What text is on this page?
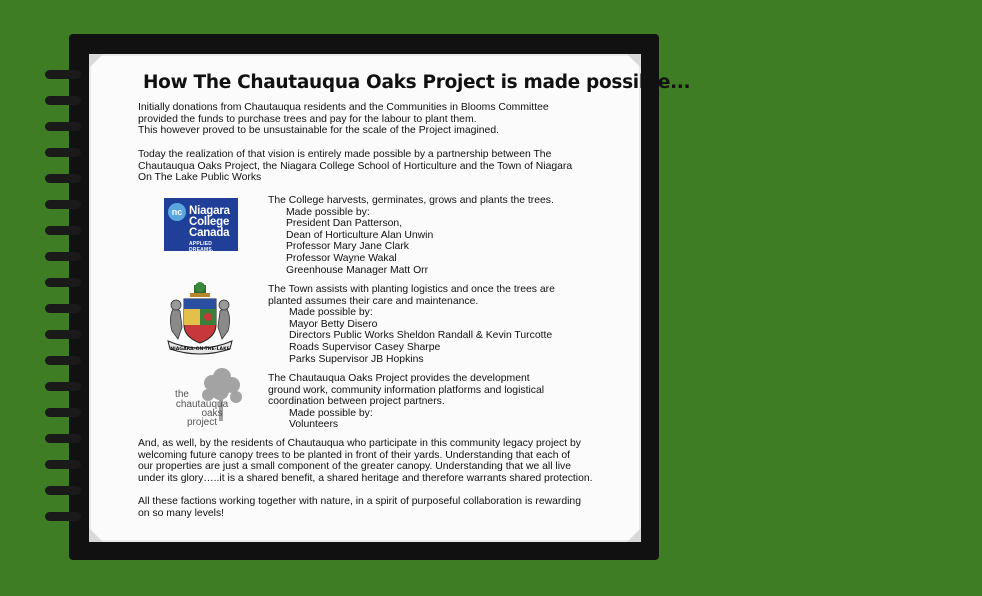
How The Chautauqua Oaks Project is made possible...
Initially donations from Chautauqua residents and the Communities in Blooms Committee
provided the funds to purchase trees and pay for the labour to plant them.
This however proved to be unsustainable for the scale of the Project imagined.
Today the realization of that vision is entirely made possible by a partnership between The
Chautauqua Oaks Project, the Niagara College School of Horticulture and the Town of Niagara
On The Lake Public Works
nc Niagara
College
Canada
APPLIED DREAMS.
The College harvests, germinates, grows and plants the trees.
Made possible by:
President Dan Patterson,
Dean of Horticulture Alan Unwin
Professor Mary Jane Clark
Professor Wayne Wakal
Greenhouse Manager Matt Orr
NIAGARA-ON-THE-LAKE
The Town assists with planting logistics and once the trees are
planted assumes their care and maintenance.
Made possible by:
Mayor Betty Disero
Directors Public Works Sheldon Randall & Kevin Turcotte
Roads Supervisor Casey Sharpe
Parks Supervisor JB Hopkins
the
chautauqua
oaks
project
The Chautauqua Oaks Project provides the development
ground work, community information platforms and logistical
coordination between project partners.
Made possible by:
Volunteers
And, as well, by the residents of Chautauqua who participate in this community legacy project by
welcoming future canopy trees to be planted in front of their yards. Understanding that each of
our properties are just a small component of the greater canopy. Understanding that we all live
under its glory…..it is a shared benefit, a shared heritage and therefore warrants shared protection.
All these factions working together with nature, in a spirit of purposeful collaboration is rewarding
on so many levels!
